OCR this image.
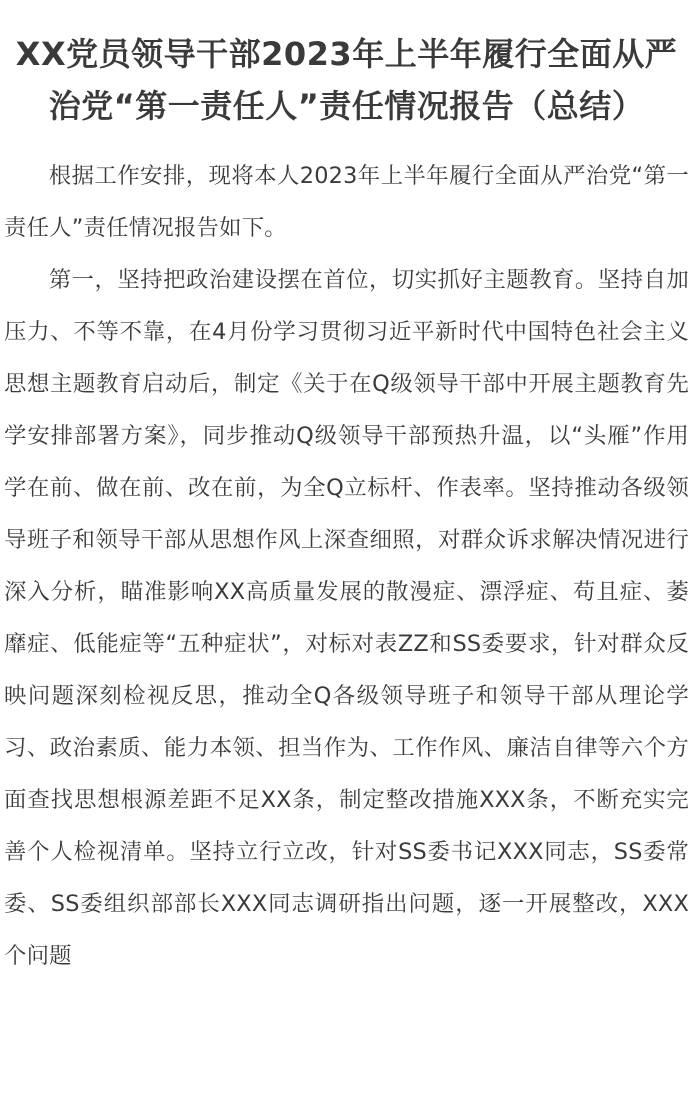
XX党员领导干部2023年上半年履行全面从严治党“第一责任人”责任情况报告（总结）

根据工作安排，现将本人2023年上半年履行全面从严治党“第一责任人”责任情况报告如下。

第一，坚持把政治建设摆在首位，切实抓好主题教育。坚持自加压力、不等不靠，在4月份学习贯彻习近平新时代中国特色社会主义思想主题教育启动后，制定《关于在Q级领导干部中开展主题教育先学安排部署方案》，同步推动Q级领导干部预热升温，以“头雁”作用学在前、做在前、改在前，为全Q立标杆、作表率。坚持推动各级领导班子和领导干部从思想作风上深查细照，对群众诉求解决情况进行深入分析，瞄准影响XX高质量发展的散漫症、漂浮症、苟且症、萎靡症、低能症等“五种症状”，对标对表ZZ和SS委要求，针对群众反映问题深刻检视反思，推动全Q各级领导班子和领导干部从理论学习、政治素质、能力本领、担当作为、工作作风、廉洁自律等六个方面查找思想根源差距不足XX条，制定整改措施XXX条，不断充实完善个人检视清单。坚持立行立改，针对SS委书记XXX同志，SS委常委、SS委组织部部长XXX同志调研指出问题，逐一开展整改，XXX个问题
